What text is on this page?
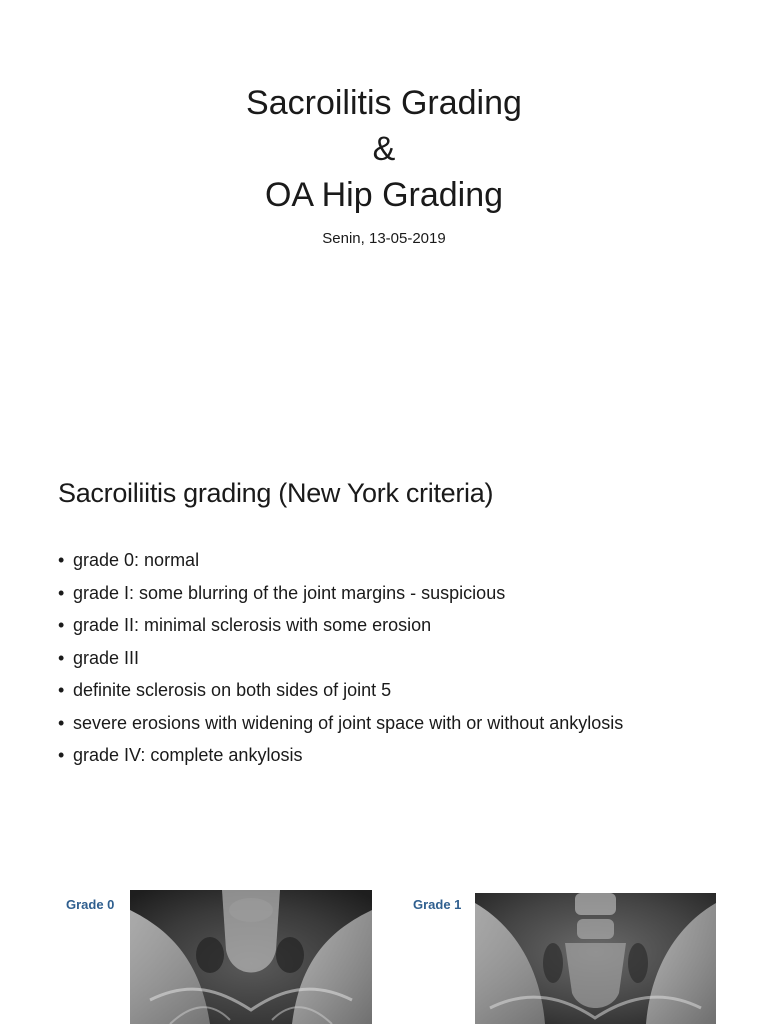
Sacroilitis Grading
&
OA Hip Grading
Senin, 13-05-2019
Sacroiliitis grading (New York criteria)
• grade 0: normal
• grade I: some blurring of the joint margins - suspicious
• grade II: minimal sclerosis with some erosion
• grade III
• definite sclerosis on both sides of joint 5
• severe erosions with widening of joint space with or without ankylosis
• grade IV: complete ankylosis
Grade 0	Grade 1
